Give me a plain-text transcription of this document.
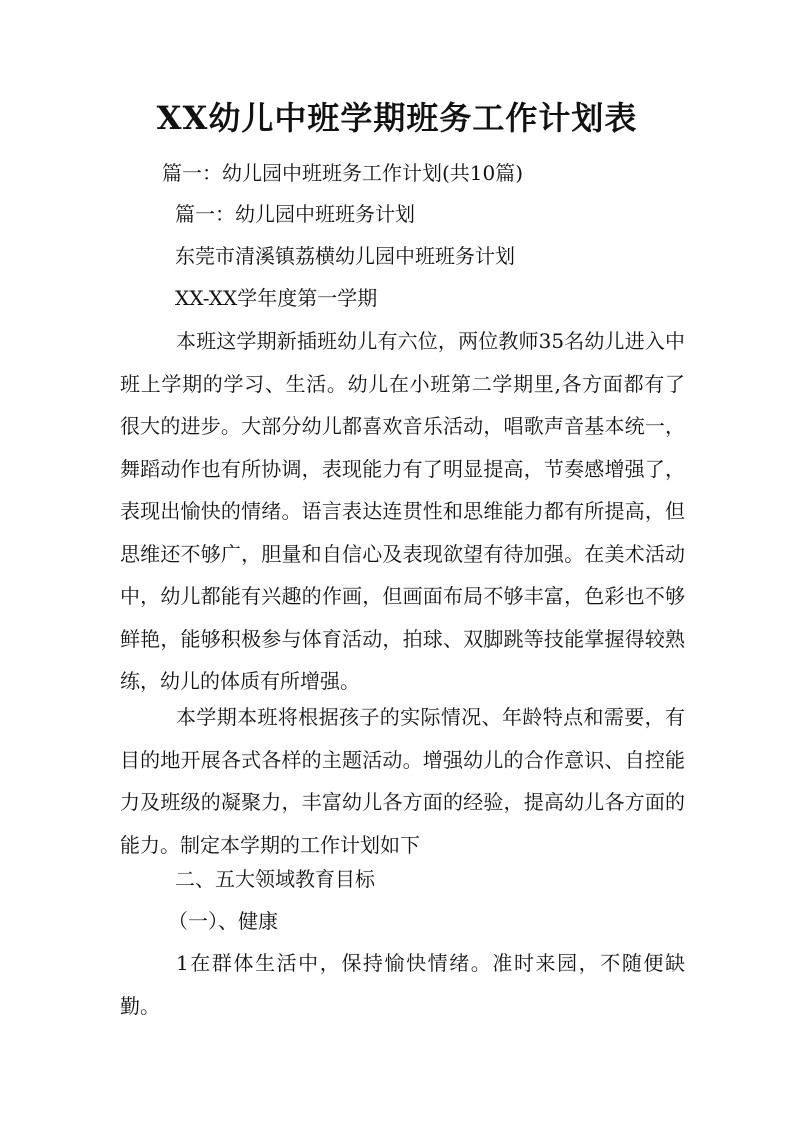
XX幼儿中班学期班务工作计划表
篇一：幼儿园中班班务工作计划(共10篇)
篇一：幼儿园中班班务计划
东莞市清溪镇荔横幼儿园中班班务计划
XX-XX学年度第一学期

本班这学期新插班幼儿有六位，两位教师35名幼儿进入中班上学期的学习、生活。幼儿在小班第二学期里,各方面都有了很大的进步。大部分幼儿都喜欢音乐活动，唱歌声音基本统一，舞蹈动作也有所协调，表现能力有了明显提高，节奏感增强了，表现出愉快的情绪。语言表达连贯性和思维能力都有所提高，但思维还不够广，胆量和自信心及表现欲望有待加强。在美术活动中，幼儿都能有兴趣的作画，但画面布局不够丰富，色彩也不够鲜艳，能够积极参与体育活动，拍球、双脚跳等技能掌握得较熟练，幼儿的体质有所增强。

本学期本班将根据孩子的实际情况、年龄特点和需要，有目的地开展各式各样的主题活动。增强幼儿的合作意识、自控能力及班级的凝聚力，丰富幼儿各方面的经验，提高幼儿各方面的能力。制定本学期的工作计划如下

二、五大领域教育目标
（一）、健康

1在群体生活中，保持愉快情绪。准时来园，不随便缺勤。
